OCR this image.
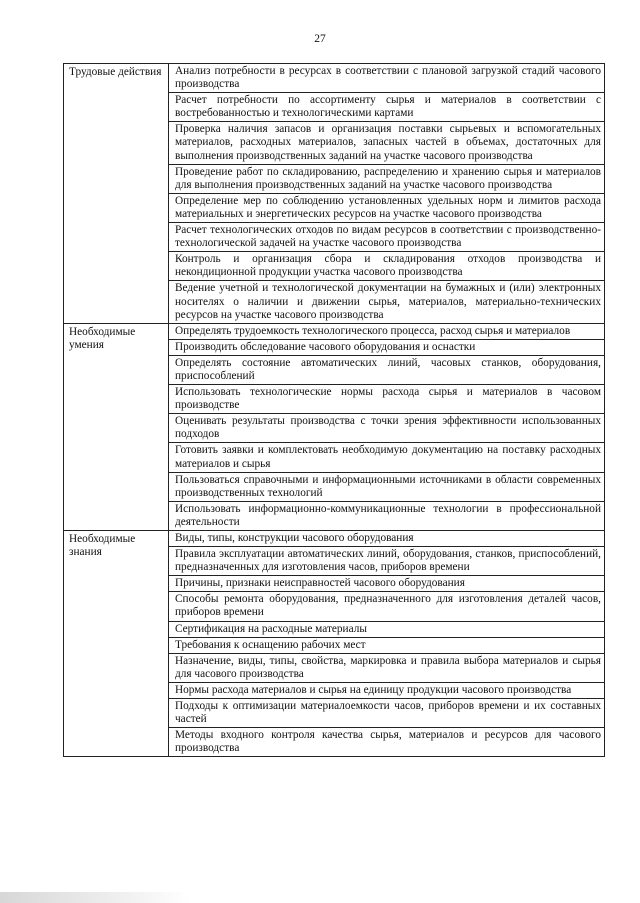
27
Трудовые действия	Анализ потребности в ресурсах в соответствии с плановой загрузкой стадий часового производства
	Расчет потребности по ассортименту сырья и материалов в соответствии с востребованностью и технологическими картами
	Проверка наличия запасов и организация поставки сырьевых и вспомогательных материалов, расходных материалов, запасных частей в объемах, достаточных для выполнения производственных заданий на участке часового производства
	Проведение работ по складированию, распределению и хранению сырья и материалов для выполнения производственных заданий на участке часового производства
	Определение мер по соблюдению установленных удельных норм и лимитов расхода материальных и энергетических ресурсов на участке часового производства
	Расчет технологических отходов по видам ресурсов в соответствии с производственно-технологической задачей на участке часового производства
	Контроль и организация сбора и складирования отходов производства и некондиционной продукции участка часового производства
	Ведение учетной и технологической документации на бумажных и (или) электронных носителях о наличии и движении сырья, материалов, материально-технических ресурсов на участке часового производства

Необходимые умения	Определять трудоемкость технологического процесса, расход сырья и материалов
	Производить обследование часового оборудования и оснастки
	Определять состояние автоматических линий, часовых станков, оборудования, приспособлений
	Использовать технологические нормы расхода сырья и материалов в часовом производстве
	Оценивать результаты производства с точки зрения эффективности использованных подходов
	Готовить заявки и комплектовать необходимую документацию на поставку расходных материалов и сырья
	Пользоваться справочными и информационными источниками в области современных производственных технологий
	Использовать информационно-коммуникационные технологии в профессиональной деятельности

Необходимые знания	Виды, типы, конструкции часового оборудования
	Правила эксплуатации автоматических линий, оборудования, станков, приспособлений, предназначенных для изготовления часов, приборов времени
	Причины, признаки неисправностей часового оборудования
	Способы ремонта оборудования, предназначенного для изготовления деталей часов, приборов времени
	Сертификация на расходные материалы
	Требования к оснащению рабочих мест
	Назначение, виды, типы, свойства, маркировка и правила выбора материалов и сырья для часового производства
	Нормы расхода материалов и сырья на единицу продукции часового производства
	Подходы к оптимизации материалоемкости часов, приборов времени и их составных частей
	Методы входного контроля качества сырья, материалов и ресурсов для часового производства
